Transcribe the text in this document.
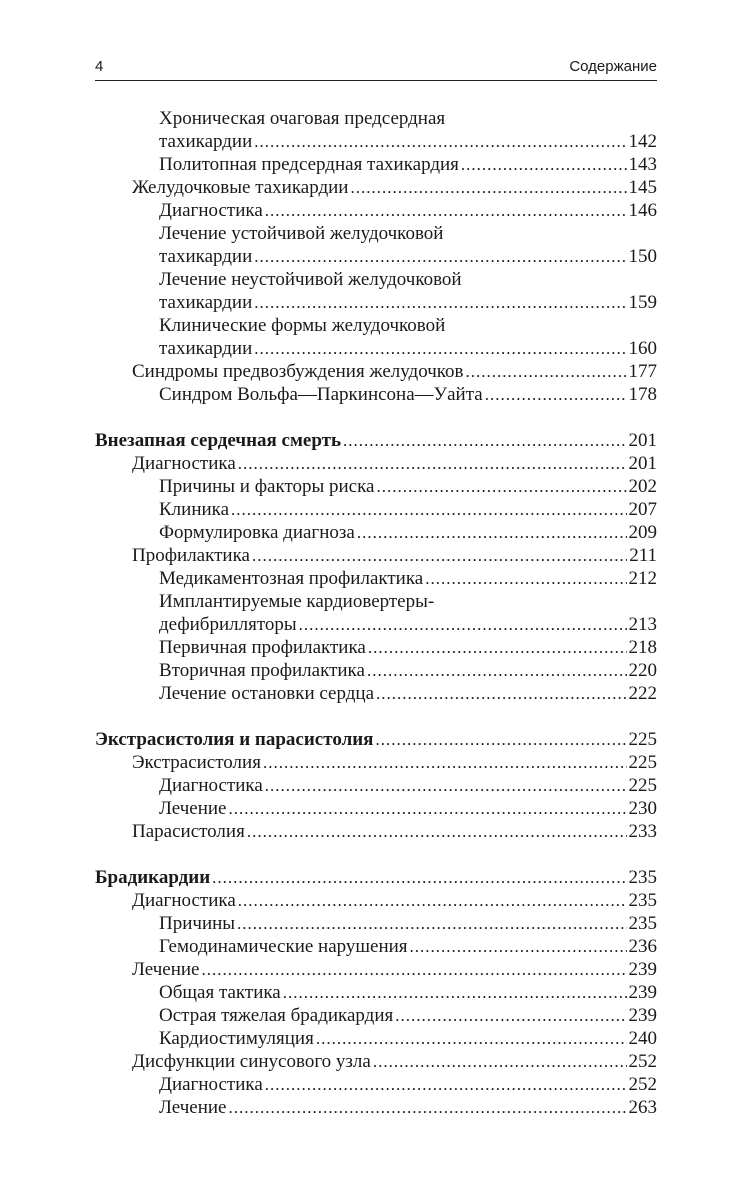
4	Содержание
Хроническая очаговая предсердная
тахикардии .....	142
Политопная предсердная тахикардия .....	143
Желудочковые тахикардии .....	145
Диагностика .....	146
Лечение устойчивой желудочковой
тахикардии .....	150
Лечение неустойчивой желудочковой
тахикардии .....	159
Клинические формы желудочковой
тахикардии .....	160
Синдромы предвозбуждения желудочков .....	177
Синдром Вольфа—Паркинсона—Уайта .....	178
Внезапная сердечная смерть .....	201
Диагностика .....	201
Причины и факторы риска .....	202
Клиника .....	207
Формулировка диагноза .....	209
Профилактика .....	211
Медикаментозная профилактика .....	212
Имплантируемые кардиовертеры-
дефибрилляторы .....	213
Первичная профилактика .....	218
Вторичная профилактика .....	220
Лечение остановки сердца .....	222
Экстрасистолия и парасистолия .....	225
Экстрасистолия .....	225
Диагностика .....	225
Лечение .....	230
Парасистолия .....	233
Брадикардии .....	235
Диагностика .....	235
Причины .....	235
Гемодинамические нарушения .....	236
Лечение .....	239
Общая тактика .....	239
Острая тяжелая брадикардия .....	239
Кардиостимуляция .....	240
Дисфункции синусового узла .....	252
Диагностика .....	252
Лечение .....	263
